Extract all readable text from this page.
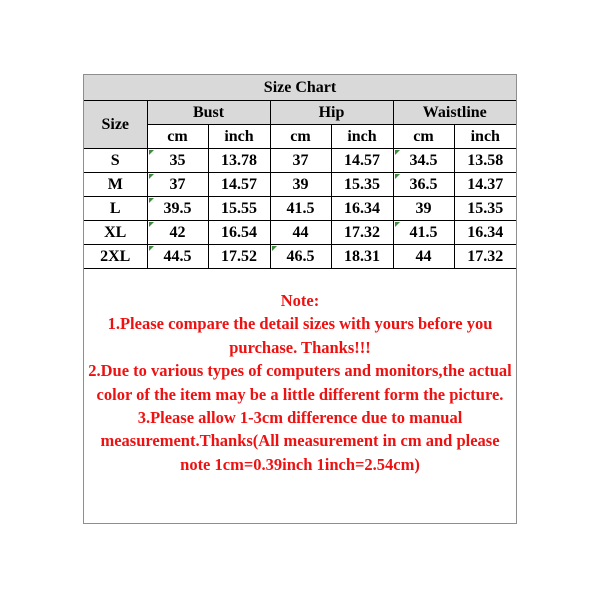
Size Chart						
Size	Bust		Hip		Waistline	
	cm	inch	cm	inch	cm	inch
S	35	13.78	37	14.57	34.5	13.58
M	37	14.57	39	15.35	36.5	14.37
L	39.5	15.55	41.5	16.34	39	15.35
XL	42	16.54	44	17.32	41.5	16.34
2XL	44.5	17.52	46.5	18.31	44	17.32

Note:

1.Please compare the detail sizes with yours before you purchase. Thanks!!!

2.Due to various types of computers and monitors,the actual color of the item may be a little different form the picture.

3.Please allow 1-3cm difference due to manual measurement.Thanks(All measurement in cm and please note 1cm=0.39inch 1inch=2.54cm)
